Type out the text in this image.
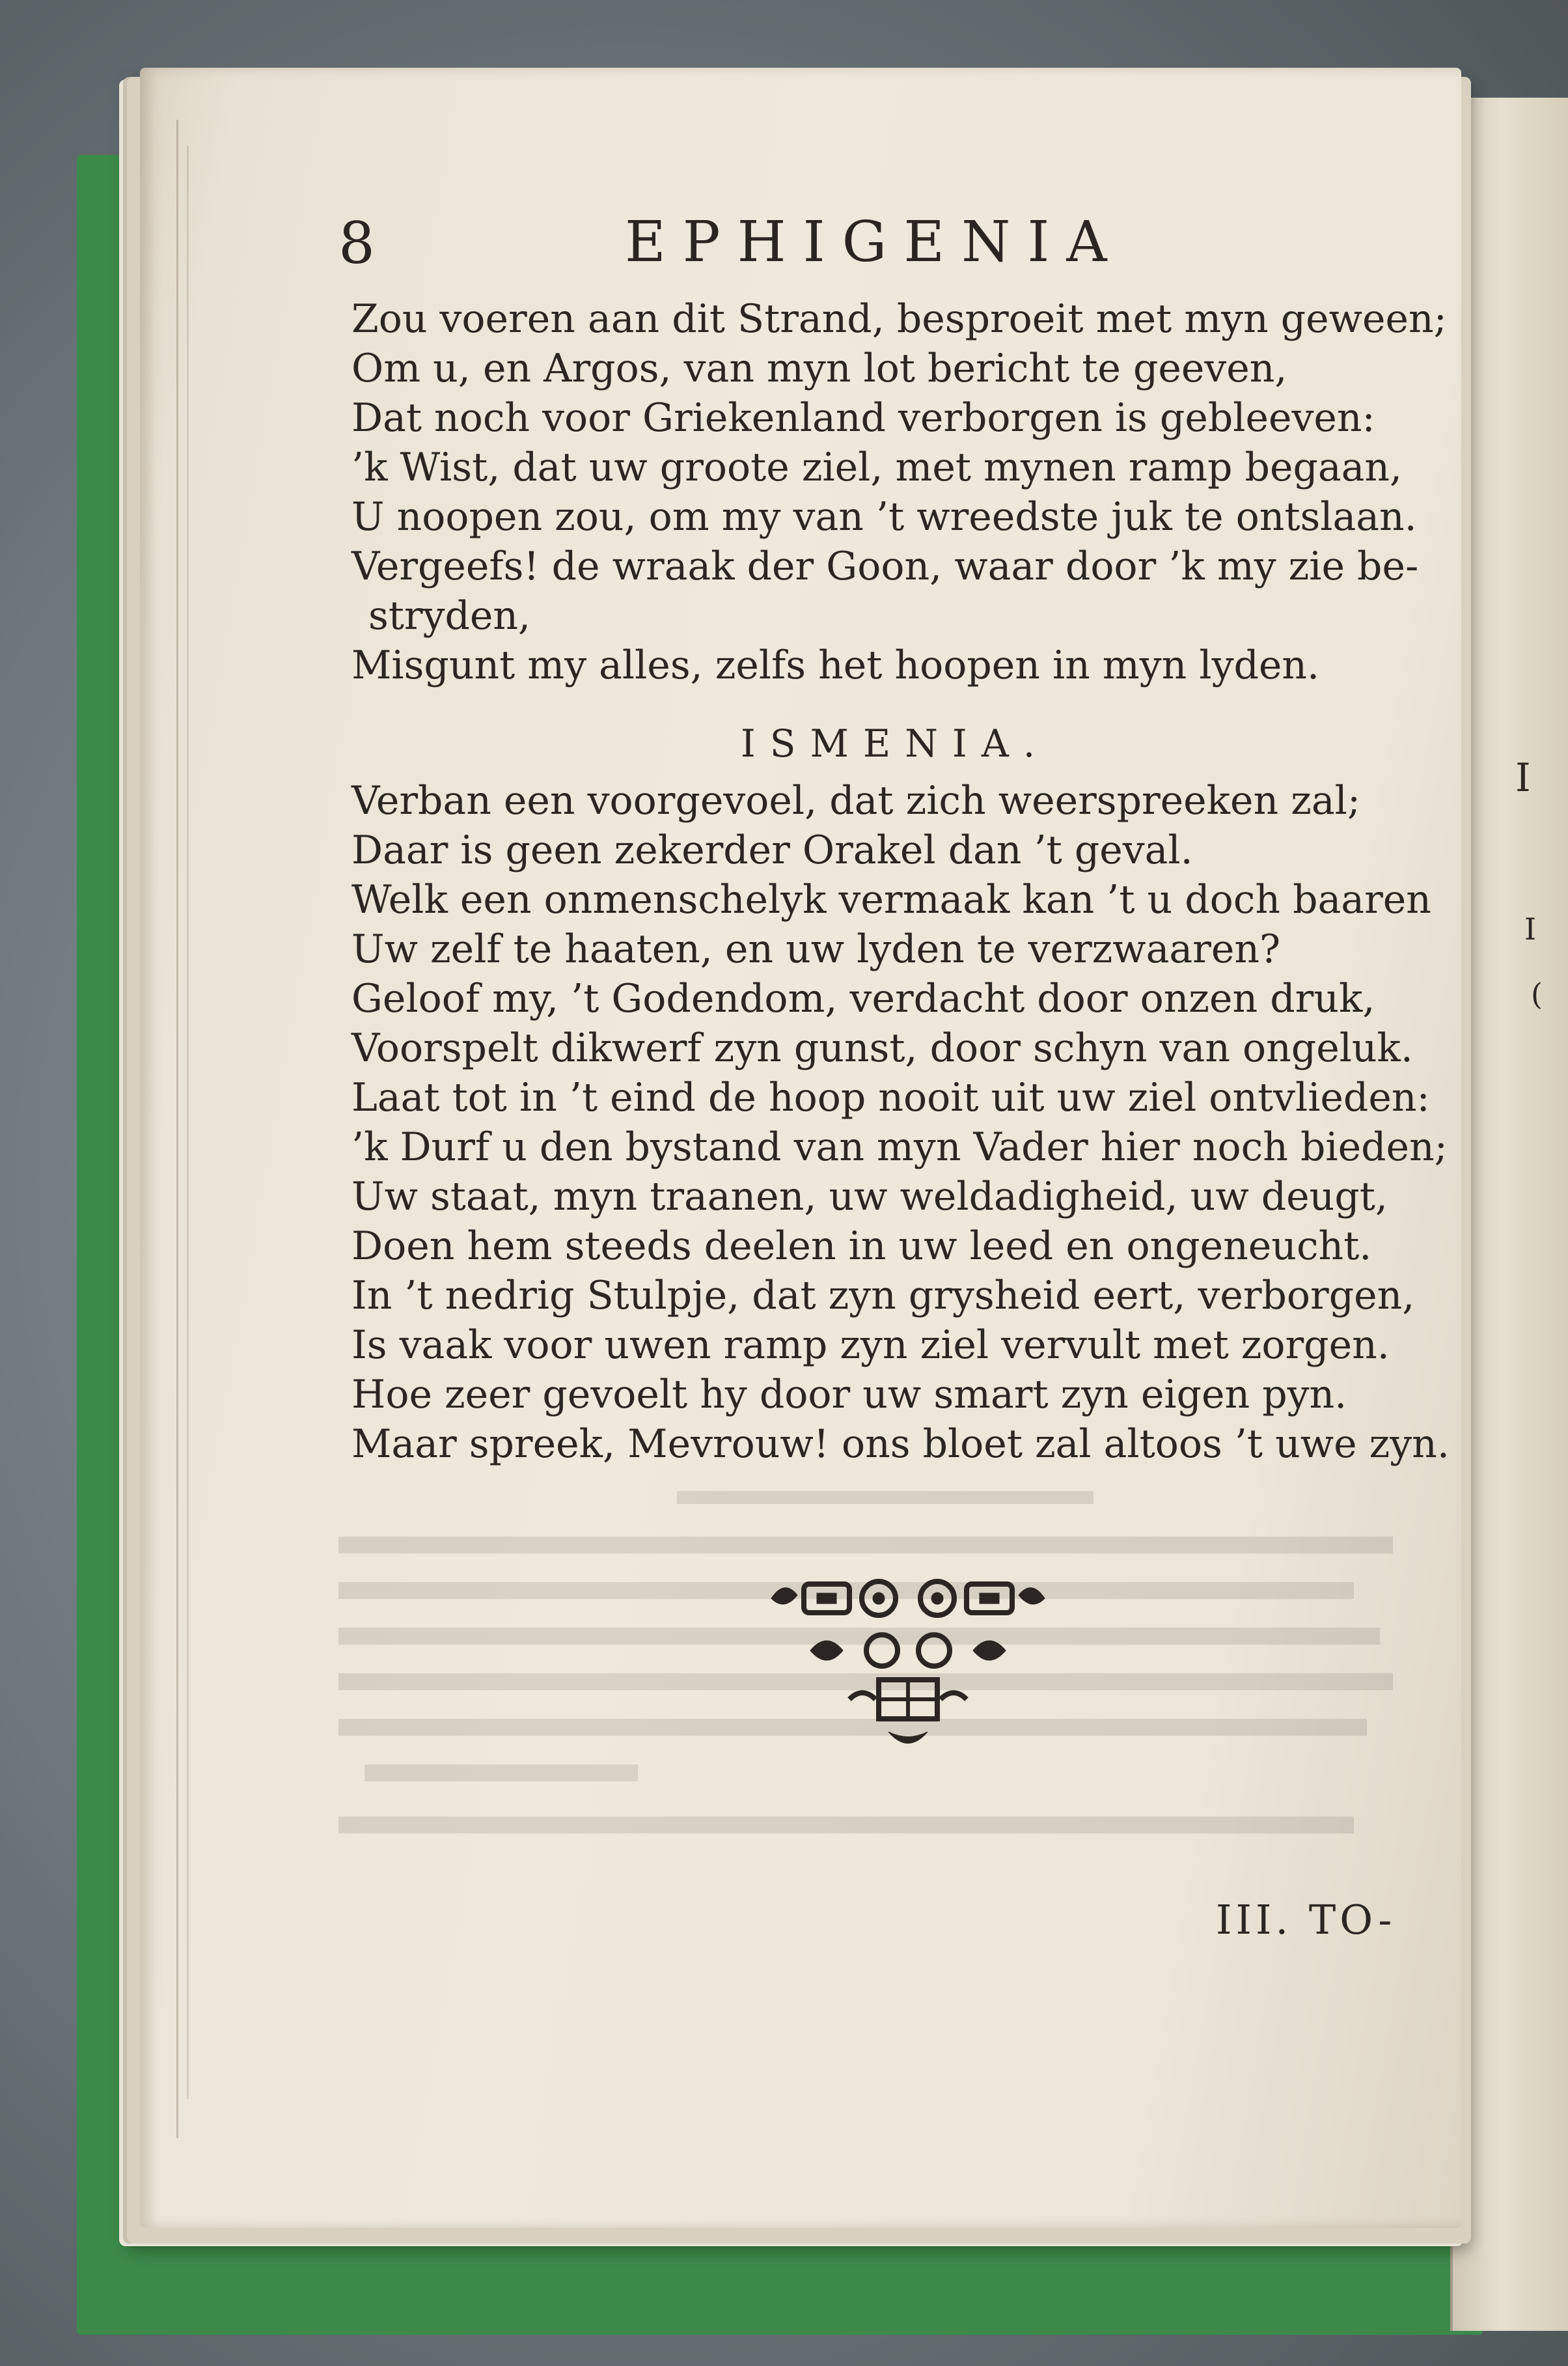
I
I
(
8	EPHIGENIA
Zou voeren aan dit Strand, besproeit met myn geween;
Om u, en Argos, van myn lot bericht te geeven,
Dat noch voor Griekenland verborgen is gebleeven:
’k Wist, dat uw groote ziel, met mynen ramp begaan,
U noopen zou, om my van ’t wreedste juk te ontslaan.
Vergeefs! de wraak der Goon, waar door ’k my zie be-
stryden,
Misgunt my alles, zelfs het hoopen in myn lyden.
ISMENIA.
Verban een voorgevoel, dat zich weerspreeken zal;
Daar is geen zekerder Orakel dan ’t geval.
Welk een onmenschelyk vermaak kan ’t u doch baaren
Uw zelf te haaten, en uw lyden te verzwaaren?
Geloof my, ’t Godendom, verdacht door onzen druk,
Voorspelt dikwerf zyn gunst, door schyn van ongeluk.
Laat tot in ’t eind de hoop nooit uit uw ziel ontvlieden:
’k Durf u den bystand van myn Vader hier noch bieden;
Uw staat, myn traanen, uw weldadigheid, uw deugt,
Doen hem steeds deelen in uw leed en ongeneucht.
In ’t nedrig Stulpje, dat zyn grysheid eert, verborgen,
Is vaak voor uwen ramp zyn ziel vervult met zorgen.
Hoe zeer gevoelt hy door uw smart zyn eigen pyn.
Maar spreek, Mevrouw! ons bloet zal altoos ’t uwe zyn.
III. TO-
